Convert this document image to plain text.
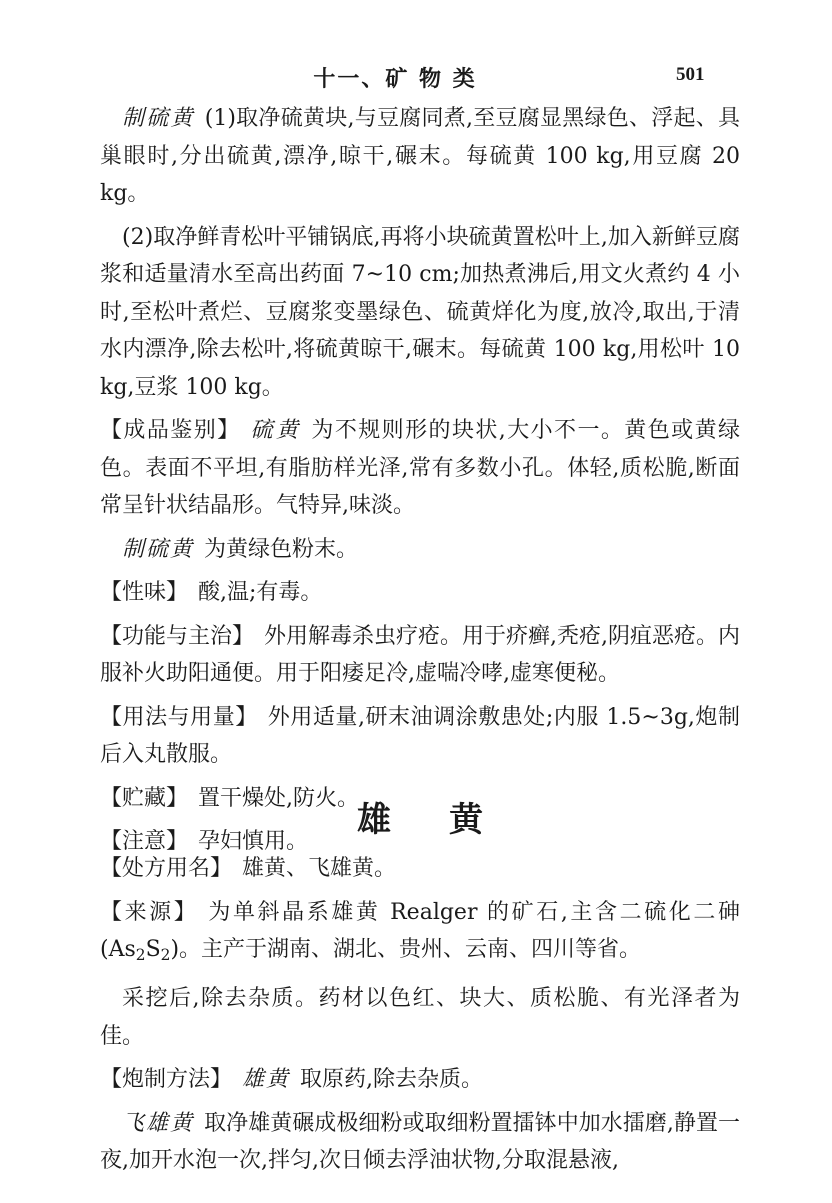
十一、矿 物 类	501

制硫黄 (1)取净硫黄块,与豆腐同煮,至豆腐显黑绿色、浮起、具巢眼时,分出硫黄,漂净,晾干,碾末。每硫黄 100 kg,用豆腐 20 kg。

(2)取净鲜青松叶平铺锅底,再将小块硫黄置松叶上,加入新鲜豆腐浆和适量清水至高出药面 7~10 cm;加热煮沸后,用文火煮约 4 小时,至松叶煮烂、豆腐浆变墨绿色、硫黄烊化为度,放冷,取出,于清水内漂净,除去松叶,将硫黄晾干,碾末。每硫黄 100 kg,用松叶 10 kg,豆浆 100 kg。

【成品鉴别】 硫黄 为不规则形的块状,大小不一。黄色或黄绿色。表面不平坦,有脂肪样光泽,常有多数小孔。体轻,质松脆,断面常呈针状结晶形。气特异,味淡。

制硫黄 为黄绿色粉末。

【性味】 酸,温;有毒。

【功能与主治】 外用解毒杀虫疗疮。用于疥癣,秃疮,阴疽恶疮。内服补火助阳通便。用于阳痿足冷,虚喘冷哮,虚寒便秘。

【用法与用量】 外用适量,研末油调涂敷患处;内服 1.5~3g,炮制后入丸散服。

【贮藏】 置干燥处,防火。

【注意】 孕妇慎用。

雄黄

【处方用名】 雄黄、飞雄黄。

【来源】 为单斜晶系雄黄 Realger 的矿石,主含二硫化二砷$(As_2S_2)$。主产于湖南、湖北、贵州、云南、四川等省。

采挖后,除去杂质。药材以色红、块大、质松脆、有光泽者为佳。

【炮制方法】 雄黄 取原药,除去杂质。

飞雄黄 取净雄黄碾成极细粉或取细粉置擂钵中加水擂磨,静置一夜,加开水泡一次,拌匀,次日倾去浮油状物,分取混悬液,
